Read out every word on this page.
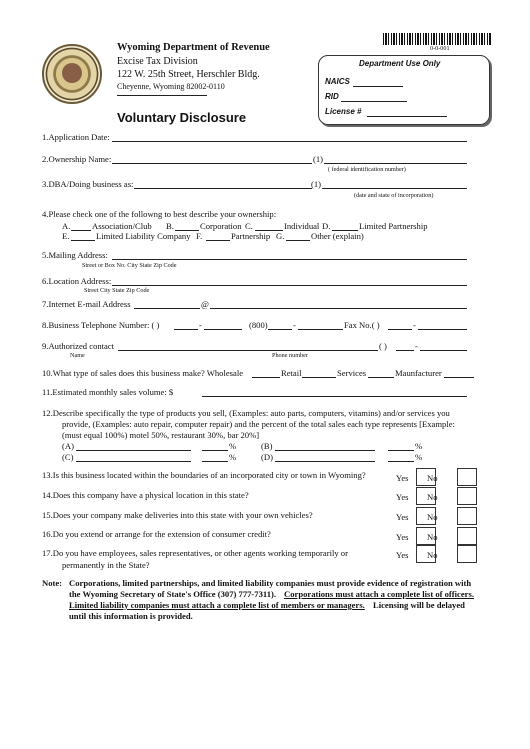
0-0-001
Wyoming Department of Revenue
Excise Tax Division
122 W. 25th Street, Herschler Bldg.
Cheyenne, Wyoming 82002-0110
Voluntary Disclosure
Department Use Only
NAICS
RID
License #
1.Application Date:
2.Ownership Name:	(1)
( federal identification number)
3.DBA/Doing business as:	(1)
(date and state of incorporation)
4.Please check one of the followng to best describe your ownership:
A.	Association/Club B.	Corporation C.	Individual D.	Limited Partnership
E.	Limited Liability Company F.	Partnership G.	Other (explain)
5.Mailing Address:
Street or Box No. City State Zip Code
6.Location Address:
Street City State Zip Code
7.Internet E-mail Address	@
8.Business Telephone Number: ( )	-	(800)	-	Fax No.( )	-
9.Authorized contact	( )	-
Name	Phone number
10.What type of sales does this business make? Wholesale	Retail	Services	Maunfacturer
11.Estimated monthly sales volume: $
12.Describe specifically the type of products you sell, (Examples: auto parts, computers, vitamins) and/or services you
provide, (Examples: auto repair, computer repair) and the percent of the total sales each type represents [Example:
(must equal 100%) motel 50%, restaurant 30%, bar 20%]
(A)	%	(B)	%
(C)	%	(D)	%
13.Is this business located within the boundaries of an incorporated city or town in Wyoming?	Yes No
14.Does this company have a physical location in this state?	Yes No
15.Does your company make deliveries into this state with your own vehicles?	Yes No
16.Do you extend or arrange for the extension of consumer credit?	Yes No
17.Do you have employees, sales representatives, or other agents working temporarily or
permanently in the State?
Yes No
Note: Corporations, limited partnerships, and limited liability companies must provide evidence of registration with
the Wyoming Secretary of State's Office (307) 777-7311). Corporations must attach a complete list of officers.
Limited liability companies must attach a complete list of members or managers. Licensing will be delayed
until this information is provided.
